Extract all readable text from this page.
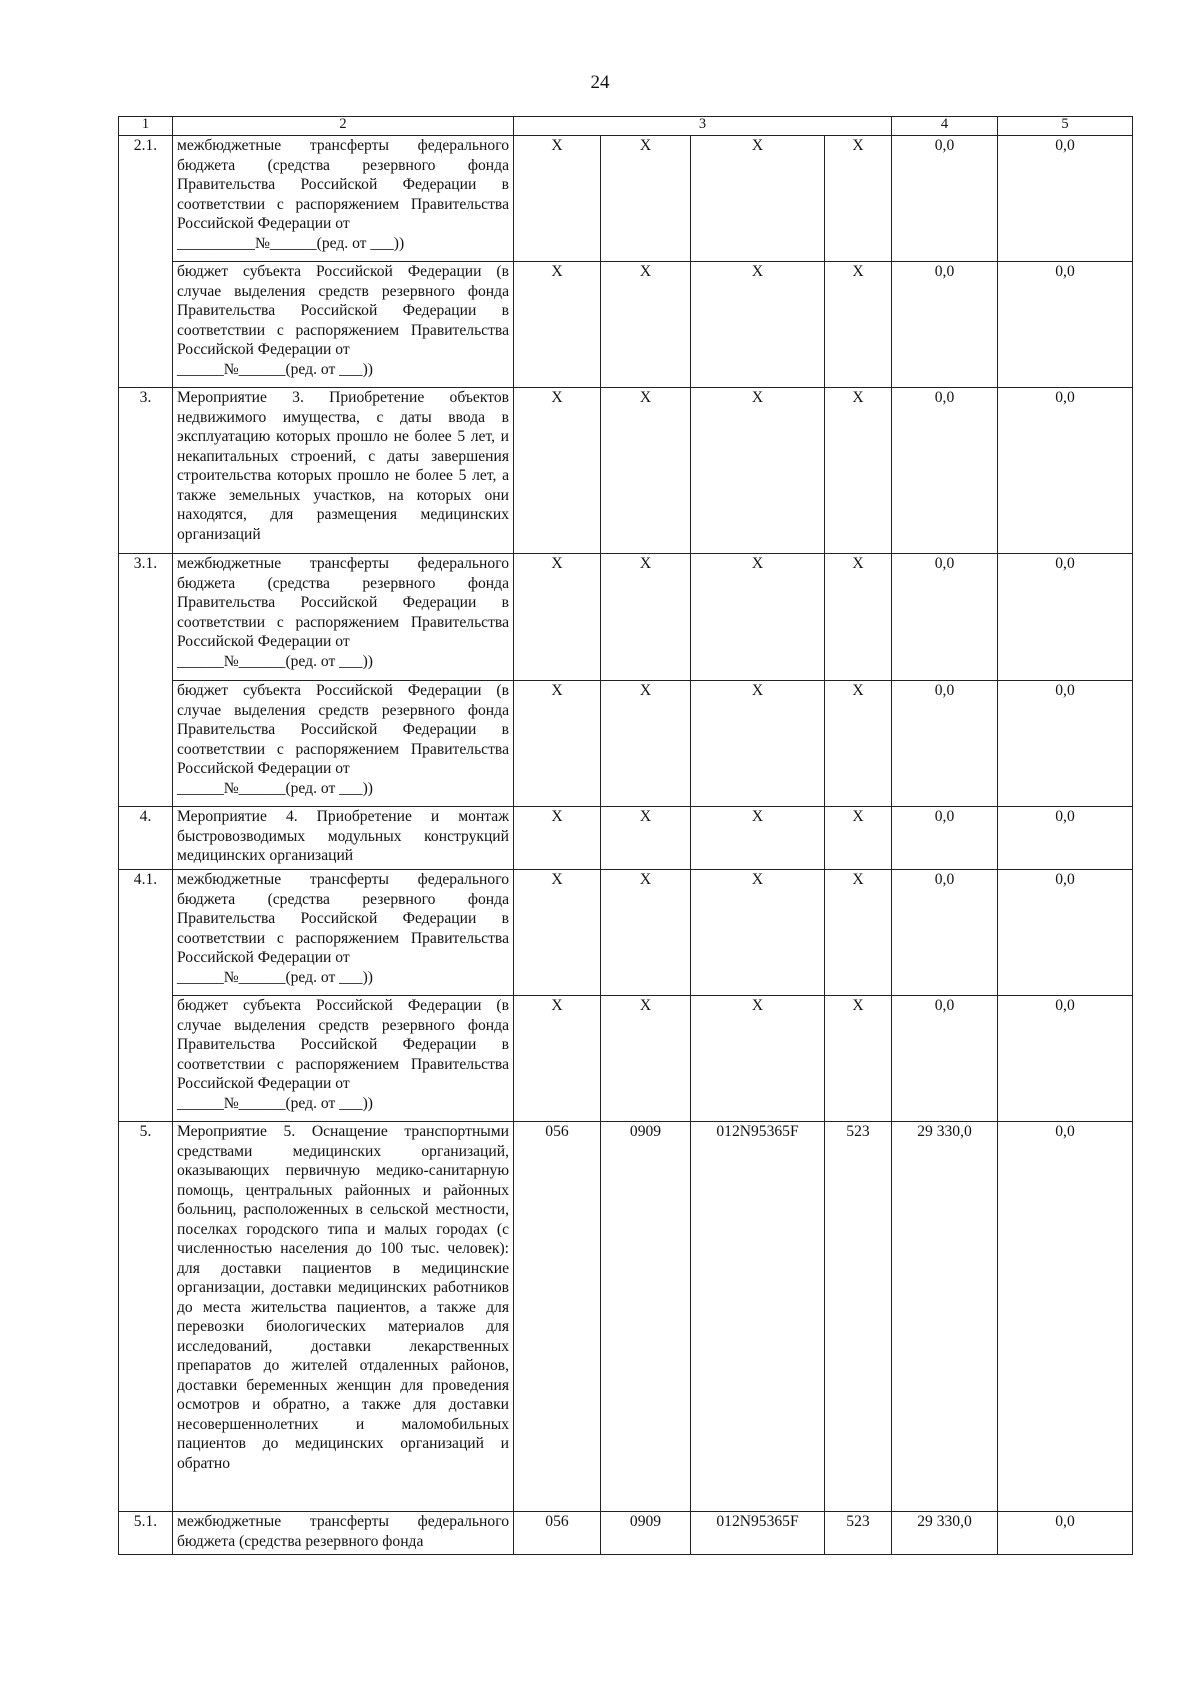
24
1	2	3				4	5
2.1.	межбюджетные трансферты федерального бюджета (средства резервного фонда Правительства Российской Федерации в соответствии с распоряжением Правительства Российской Федерации от

__________№______(ред. от ___))	Х	Х	Х	Х	0,0	0,0
	бюджет субъекта Российской Федерации (в случае выделения средств резервного фонда Правительства Российской Федерации в соответствии с распоряжением Правительства Российской Федерации от

______№______(ред. от ___))	Х	Х	Х	Х	0,0	0,0
3.	Мероприятие 3. Приобретение объектов недвижимого имущества, с даты ввода в эксплуатацию которых прошло не более 5 лет, и некапитальных строений, с даты завершения строительства которых прошло не более 5 лет, а также земельных участков, на которых они находятся, для размещения медицинских организаций	Х	Х	Х	Х	0,0	0,0
3.1.	межбюджетные трансферты федерального бюджета (средства резервного фонда Правительства Российской Федерации в соответствии с распоряжением Правительства Российской Федерации от

______№______(ред. от ___))	Х	Х	Х	Х	0,0	0,0
	бюджет субъекта Российской Федерации (в случае выделения средств резервного фонда Правительства Российской Федерации в соответствии с распоряжением Правительства Российской Федерации от

______№______(ред. от ___))	Х	Х	Х	Х	0,0	0,0
4.	Мероприятие 4. Приобретение и монтаж быстровозводимых модульных конструкций медицинских организаций	Х	Х	Х	Х	0,0	0,0
4.1.	межбюджетные трансферты федерального бюджета (средства резервного фонда Правительства Российской Федерации в соответствии с распоряжением Правительства Российской Федерации от

______№______(ред. от ___))	Х	Х	Х	Х	0,0	0,0
	бюджет субъекта Российской Федерации (в случае выделения средств резервного фонда Правительства Российской Федерации в соответствии с распоряжением Правительства Российской Федерации от

______№______(ред. от ___))	Х	Х	Х	Х	0,0	0,0
5.	Мероприятие 5. Оснащение транспортными средствами медицинских организаций, оказывающих первичную медико-санитарную помощь, центральных районных и районных больниц, расположенных в сельской местности, поселках городского типа и малых городах (с численностью населения до 100 тыс. человек): для доставки пациентов в медицинские организации, доставки медицинских работников до места жительства пациентов, а также для перевозки биологических материалов для исследований, доставки лекарственных препаратов до жителей отдаленных районов, доставки беременных женщин для проведения осмотров и обратно, а также для доставки несовершеннолетних и маломобильных пациентов до медицинских организаций и обратно	056	0909	012N95365F	523	29 330,0	0,0
5.1.	межбюджетные трансферты федерального бюджета (средства резервного фонда	056	0909	012N95365F	523	29 330,0	0,0
